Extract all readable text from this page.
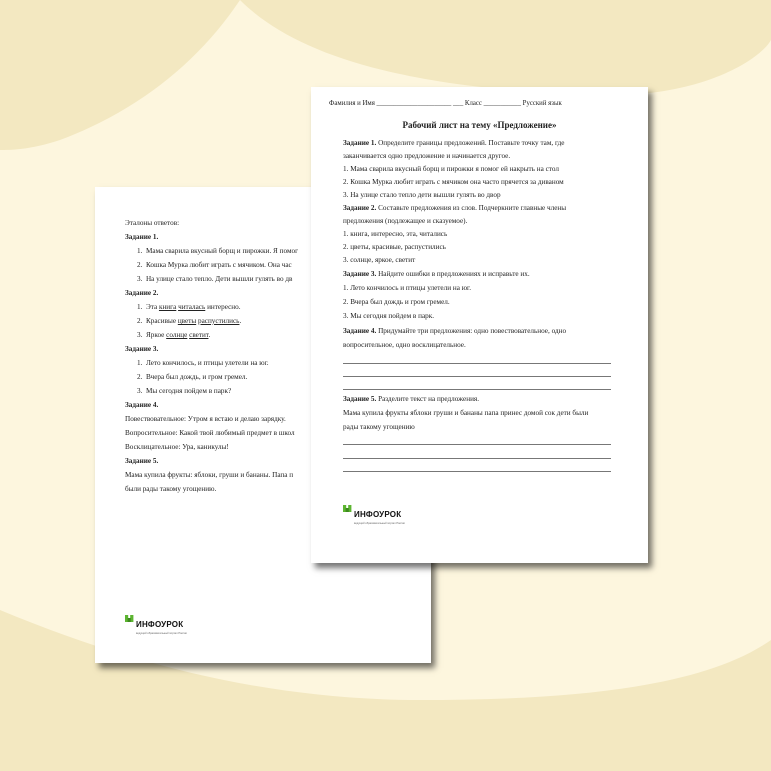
Эталоны ответов:
Задание 1.
1.  Мама сварила вкусный борщ и пирожки. Я помог
2.  Кошка Мурка любит играть с мячиком. Она час
3.  На улице стало тепло. Дети вышли гулять во дв
Задание 2.
1. Эта книга читалась интересно.
2. Красивые цветы распустились.
3. Яркое солнце светит.
Задание 3.
1.  Лето кончилось, и птицы улетели на юг.
2.  Вчера был дождь, и гром гремел.
3.  Мы сегодня пойдем в парк?
Задание 4.
Повествовательное: Утром я встаю и делаю зарядку.
Вопросительное: Какой твой любимый предмет в школ
Восклицательное: Ура, каникулы!
Задание 5.
Мама купила фрукты: яблоки, груши и бананы. Папа п
были рады такому угощению.
ИНФОУРОК
ведущий образовательный портал России
Фамилия и Имя ______________________ ___ Класс ___________ Русский язык
Рабочий лист на тему «Предложение»
Задание 1. Определите границы предложений. Поставьте точку там, где
заканчивается одно предложение и начинается другое.
1. Мама сварила вкусный борщ и пирожки я помог ей накрыть на стол
2. Кошка Мурка любит играть с мячиком она часто прячется за диваном
3. На улице стало тепло дети вышли гулять во двор
Задание 2. Составьте предложения из слов. Подчеркните главные члены
предложения (подлежащее и сказуемое).
1. книга, интересно, эта, читались
2. цветы, красивые, распустились
3. солнце, яркое, светит
Задание 3. Найдите ошибки в предложениях и исправьте их.
1. Лето кончилось и птицы улетели на юг.
2. Вчера был дождь и гром гремел.
3. Мы сегодня пойдем в парк.
Задание 4. Придумайте три предложения: одно повествовательное, одно
вопросительное, одно восклицательное.
Задание 5. Разделите текст на предложения.
Мама купила фрукты яблоки груши и бананы папа принес домой сок дети были
рады такому угощению
ИНФОУРОК
ведущий образовательный портал России
